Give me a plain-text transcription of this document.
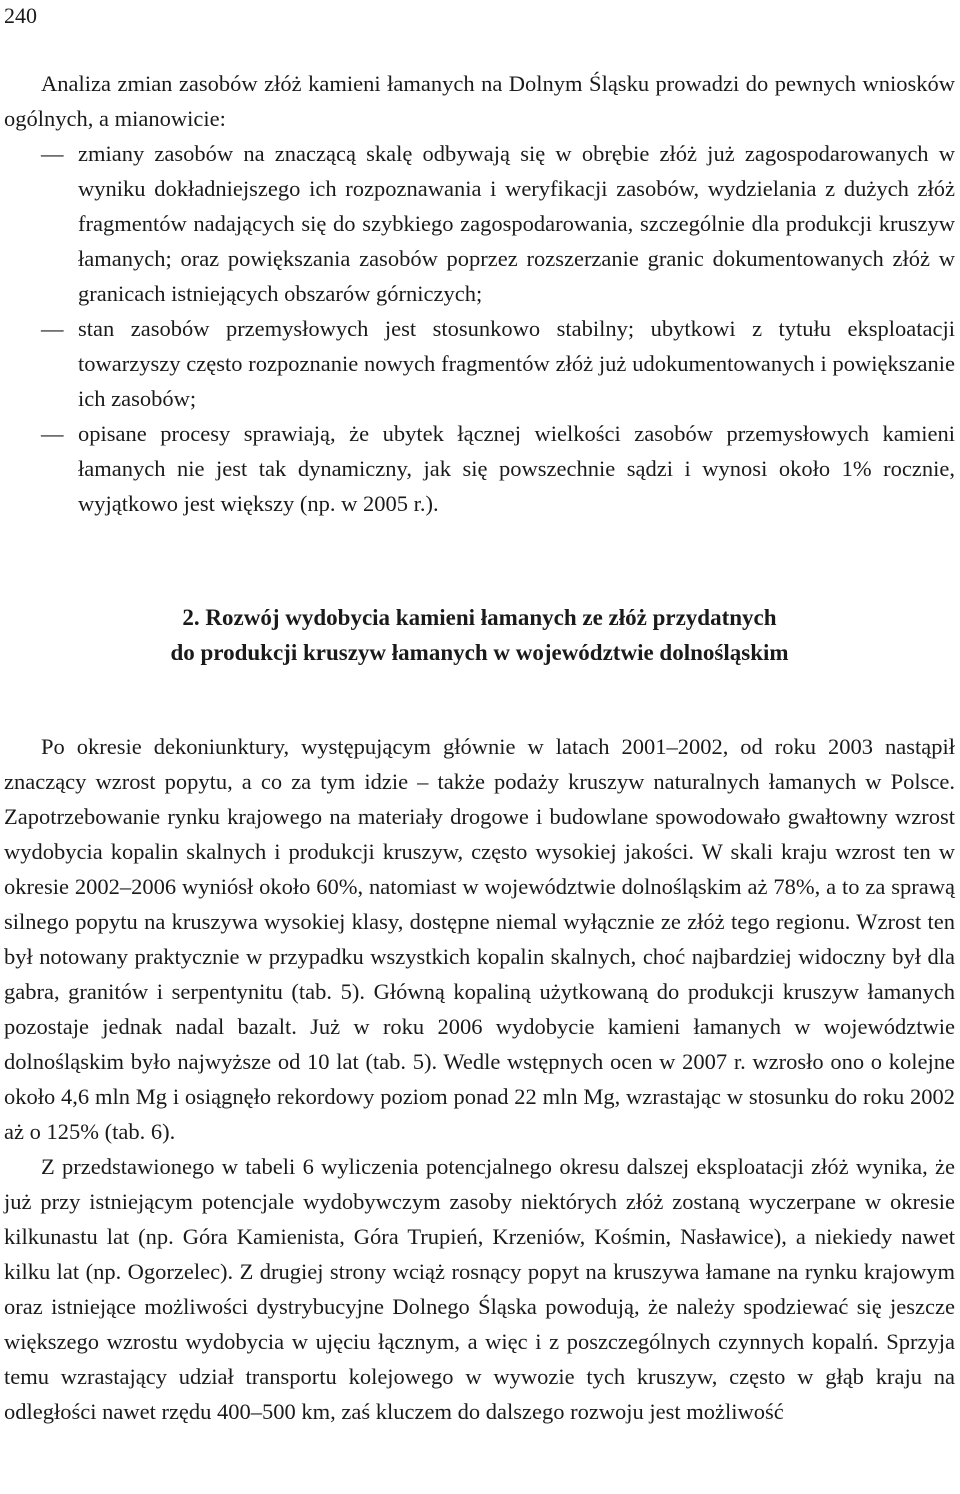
240

Analiza zmian zasobów złóż kamieni łamanych na Dolnym Śląsku prowadzi do pewnych wniosków ogólnych, a mianowicie:

— zmiany zasobów na znaczącą skalę odbywają się w obrębie złóż już zagospodarowanych w wyniku dokładniejszego ich rozpoznawania i weryfikacji zasobów, wydzielania z dużych złóż fragmentów nadających się do szybkiego zagospodarowania, szczególnie dla produkcji kruszyw łamanych; oraz powiększania zasobów poprzez rozszerzanie granic dokumentowanych złóż w granicach istniejących obszarów górniczych;
— stan zasobów przemysłowych jest stosunkowo stabilny; ubytkowi z tytułu eksploatacji towarzyszy często rozpoznanie nowych fragmentów złóż już udokumentowanych i powiększanie ich zasobów;
— opisane procesy sprawiają, że ubytek łącznej wielkości zasobów przemysłowych kamieni łamanych nie jest tak dynamiczny, jak się powszechnie sądzi i wynosi około 1% rocznie, wyjątkowo jest większy (np. w 2005 r.).
2. Rozwój wydobycia kamieni łamanych ze złóż przydatnych
do produkcji kruszyw łamanych w województwie dolnośląskim

Po okresie dekoniunktury, występującym głównie w latach 2001–2002, od roku 2003 nastąpił znaczący wzrost popytu, a co za tym idzie – także podaży kruszyw naturalnych łamanych w Polsce. Zapotrzebowanie rynku krajowego na materiały drogowe i budowlane spowodowało gwałtowny wzrost wydobycia kopalin skalnych i produkcji kruszyw, często wysokiej jakości. W skali kraju wzrost ten w okresie 2002–2006 wyniósł około 60%, natomiast w województwie dolnośląskim aż 78%, a to za sprawą silnego popytu na kruszywa wysokiej klasy, dostępne niemal wyłącznie ze złóż tego regionu. Wzrost ten był notowany praktycznie w przypadku wszystkich kopalin skalnych, choć najbardziej widoczny był dla gabra, granitów i serpentynitu (tab. 5). Główną kopaliną użytkowaną do produkcji kruszyw łamanych pozostaje jednak nadal bazalt. Już w roku 2006 wydobycie kamieni łamanych w województwie dolnośląskim było najwyższe od 10 lat (tab. 5). Wedle wstępnych ocen w 2007 r. wzrosło ono o kolejne około 4,6 mln Mg i osiągnęło rekordowy poziom ponad 22 mln Mg, wzrastając w stosunku do roku 2002 aż o 125% (tab. 6).

Z przedstawionego w tabeli 6 wyliczenia potencjalnego okresu dalszej eksploatacji złóż wynika, że już przy istniejącym potencjale wydobywczym zasoby niektórych złóż zostaną wyczerpane w okresie kilkunastu lat (np. Góra Kamienista, Góra Trupień, Krzeniów, Kośmin, Nasławice), a niekiedy nawet kilku lat (np. Ogorzelec). Z drugiej strony wciąż rosnący popyt na kruszywa łamane na rynku krajowym oraz istniejące możliwości dystrybucyjne Dolnego Śląska powodują, że należy spodziewać się jeszcze większego wzrostu wydobycia w ujęciu łącznym, a więc i z poszczególnych czynnych kopalń. Sprzyja temu wzrastający udział transportu kolejowego w wywozie tych kruszyw, często w głąb kraju na odległości nawet rzędu 400–500 km, zaś kluczem do dalszego rozwoju jest możliwość
